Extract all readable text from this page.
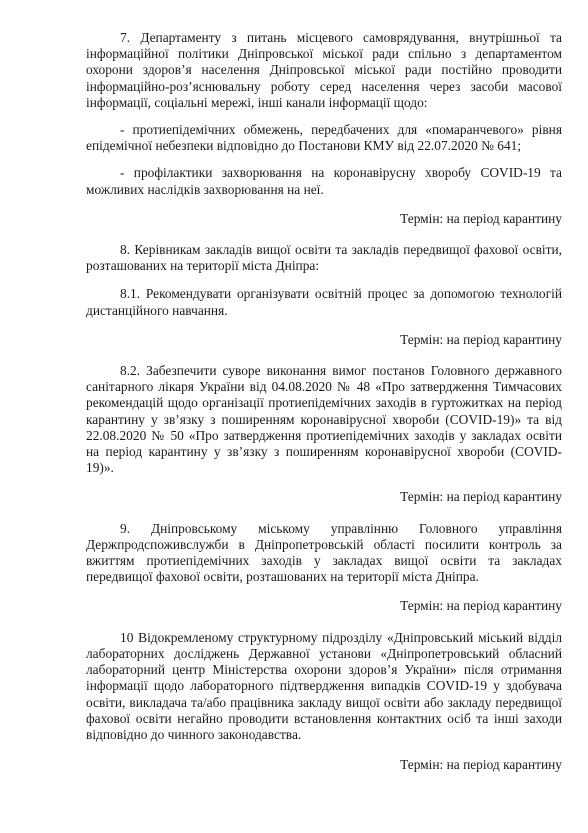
7. Департаменту з питань місцевого самоврядування, внутрішньої та інформаційної політики Дніпровської міської ради спільно з департаментом охорони здоров’я населення Дніпровської міської ради постійно проводити інформаційно-роз’яснювальну роботу серед населення через засоби масової інформації, соціальні мережі, інші канали інформації щодо:

- протиепідемічних обмежень, передбачених для «помаранчевого» рівня епідемічної небезпеки відповідно до Постанови КМУ від 22.07.2020 № 641;

- профілактики захворювання на коронавірусну хворобу COVID-19 та можливих наслідків захворювання на неї.

Термін: на період карантину

8. Керівникам закладів вищої освіти та закладів передвищої фахової освіти, розташованих на території міста Дніпра:

8.1. Рекомендувати організувати освітній процес за допомогою технологій дистанційного навчання.

Термін: на період карантину

8.2. Забезпечити суворе виконання вимог постанов Головного державного санітарного лікаря України від 04.08.2020 № 48 «Про затвердження Тимчасових рекомендацій щодо організації протиепідемічних заходів в гуртожитках на період карантину у зв’язку з поширенням коронавірусної хвороби (COVID-19)» та від 22.08.2020 № 50 «Про затвердження протиепідемічних заходів у закладах освіти на період карантину у зв’язку з поширенням коронавірусної хвороби (COVID-19)».

Термін: на період карантину

9. Дніпровському міському управлінню Головного управління Держпродспоживслужби в Дніпропетровській області посилити контроль за вжиттям протиепідемічних заходів у закладах вищої освіти та закладах передвищої фахової освіти, розташованих на території міста Дніпра.

Термін: на період карантину

10 Відокремленому структурному підрозділу «Дніпровський міський відділ лабораторних досліджень Державної установи «Дніпропетровський обласний лабораторний центр Міністерства охорони здоров’я України» після отримання інформації щодо лабораторного підтвердження випадків COVID-19 у здобувача освіти, викладача та/або працівника закладу вищої освіти або закладу передвищої фахової освіти негайно проводити встановлення контактних осіб та інші заходи відповідно до чинного законодавства.

Термін: на період карантину
